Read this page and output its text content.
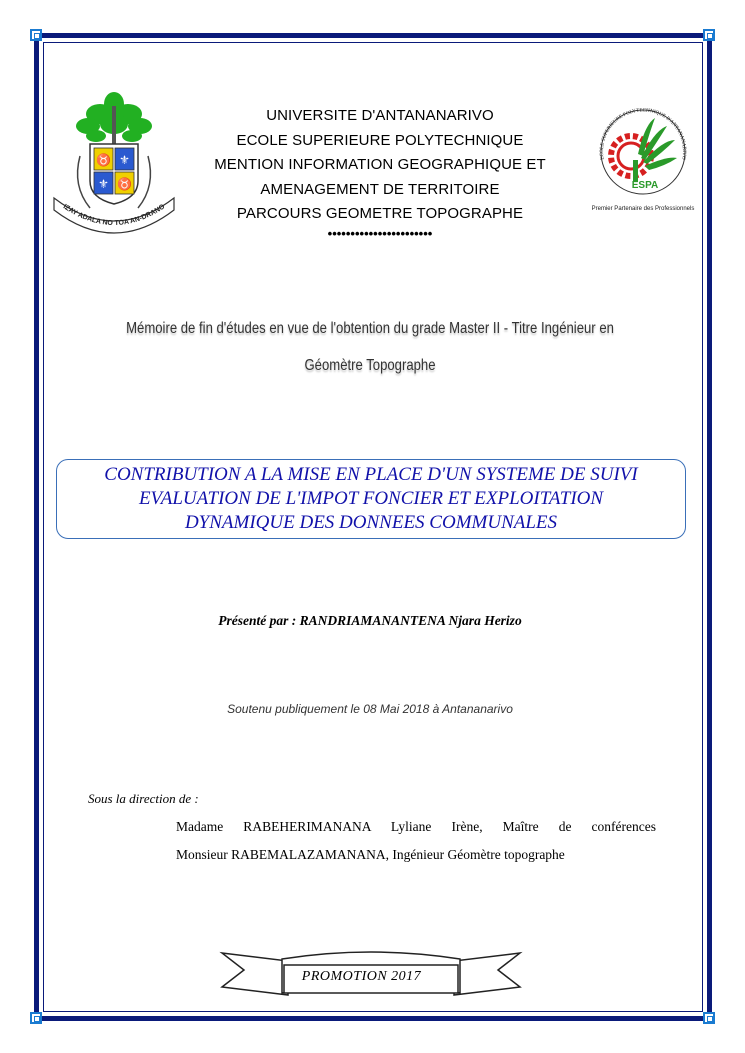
♉ ⚜
⚜ ♉
IZAY ADALA NO TOA AN-DRANO
ECOLE SUPERIEURE POLYTECHNIQUE D'ANTANANARIVO
ESPA
Premier Partenaire des Professionnels
UNIVERSITE D'ANTANANARIVO
ECOLE SUPERIEURE POLYTECHNIQUE
MENTION INFORMATION GEOGRAPHIQUE ET
AMENAGEMENT DE TERRITOIRE
PARCOURS GEOMETRE TOPOGRAPHE
•••••••••••••••••••••••
Mémoire de fin d'études en vue de l'obtention du grade Master II - Titre Ingénieur en
Géomètre Topographe
CONTRIBUTION A LA MISE EN PLACE D'UN SYSTEME DE SUIVI
EVALUATION DE L'IMPOT FONCIER ET EXPLOITATION
DYNAMIQUE DES DONNEES COMMUNALES
Présenté par : RANDRIAMANANTENA Njara Herizo
Soutenu publiquement le 08 Mai 2018 à Antananarivo
Sous la direction de :
Madame RABEHERIMANANA Lyliane Irène, Maître de conférences
Monsieur RABEMALAZAMANANA, Ingénieur Géomètre topographe
PROMOTION 2017
